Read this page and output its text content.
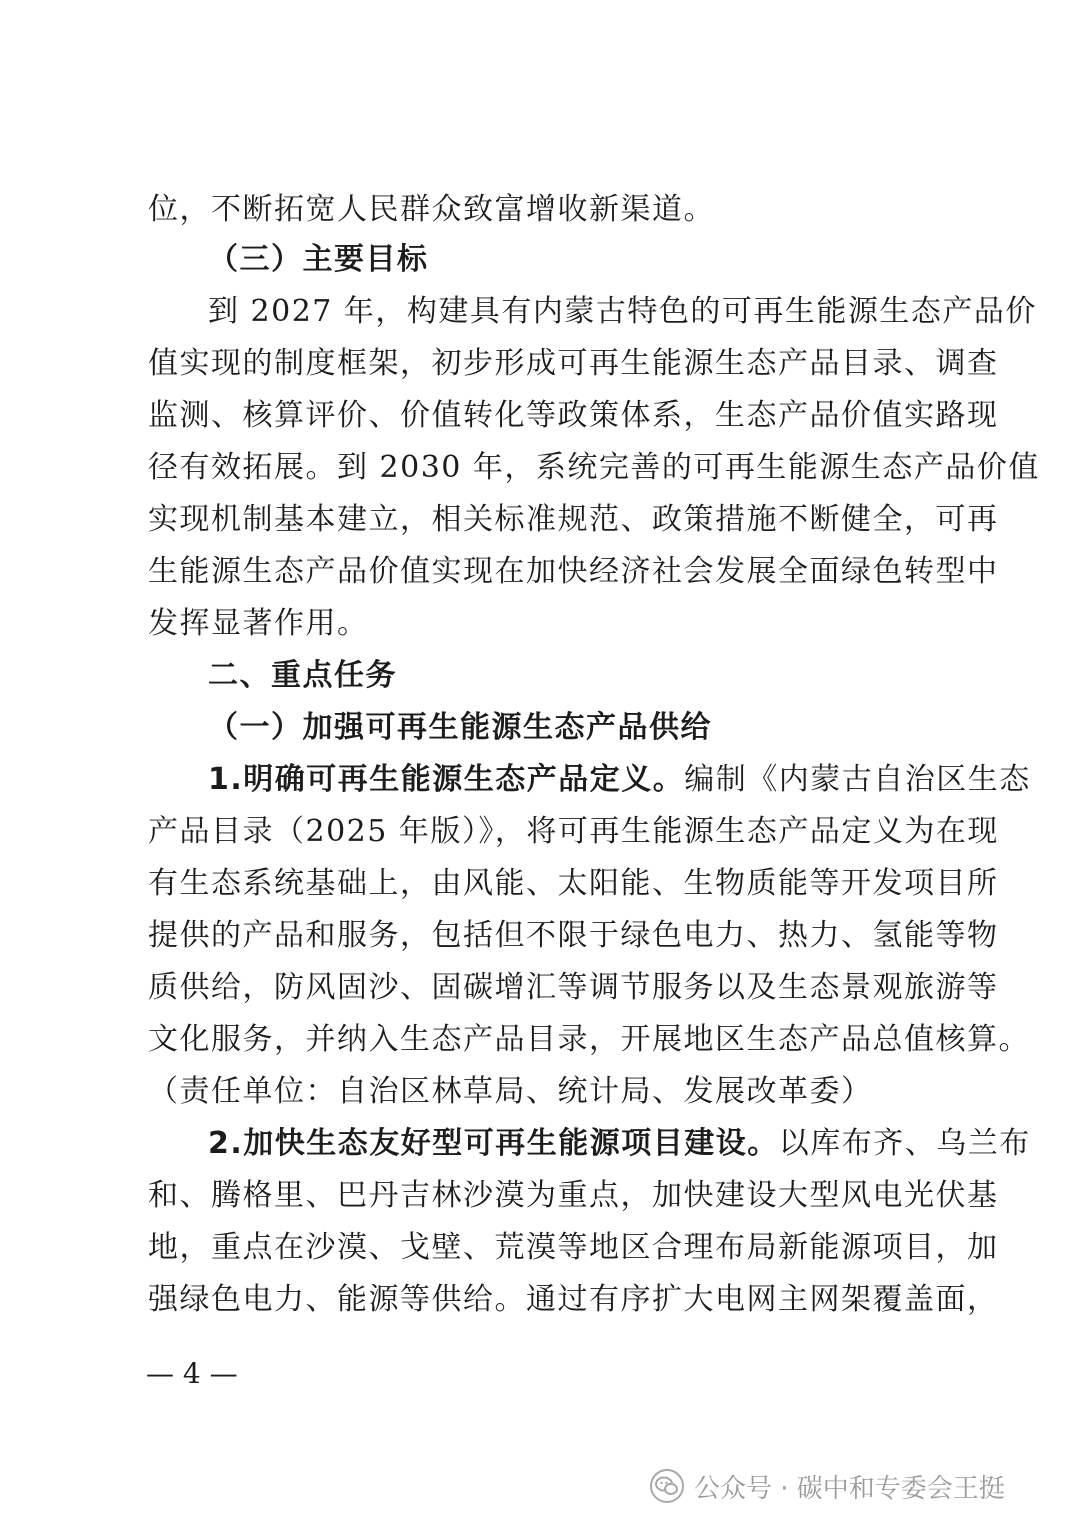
位，不断拓宽人民群众致富增收新渠道。
（三）主要目标
到 2027 年，构建具有内蒙古特色的可再生能源生态产品价
值实现的制度框架，初步形成可再生能源生态产品目录、调查
监测、核算评价、价值转化等政策体系，生态产品价值实路现
径有效拓展。到 2030 年，系统完善的可再生能源生态产品价值
实现机制基本建立，相关标准规范、政策措施不断健全，可再
生能源生态产品价值实现在加快经济社会发展全面绿色转型中
发挥显著作用。
二、重点任务
（一）加强可再生能源生态产品供给
1.明确可再生能源生态产品定义。编制《内蒙古自治区生态
产品目录（2025 年版）》，将可再生能源生态产品定义为在现
有生态系统基础上，由风能、太阳能、生物质能等开发项目所
提供的产品和服务，包括但不限于绿色电力、热力、氢能等物
质供给，防风固沙、固碳增汇等调节服务以及生态景观旅游等
文化服务，并纳入生态产品目录，开展地区生态产品总值核算。
（责任单位：自治区林草局、统计局、发展改革委）
2.加快生态友好型可再生能源项目建设。以库布齐、乌兰布
和、腾格里、巴丹吉林沙漠为重点，加快建设大型风电光伏基
地，重点在沙漠、戈壁、荒漠等地区合理布局新能源项目，加
强绿色电力、能源等供给。通过有序扩大电网主网架覆盖面，
— 4 —
公众号 · 碳中和专委会王挺
